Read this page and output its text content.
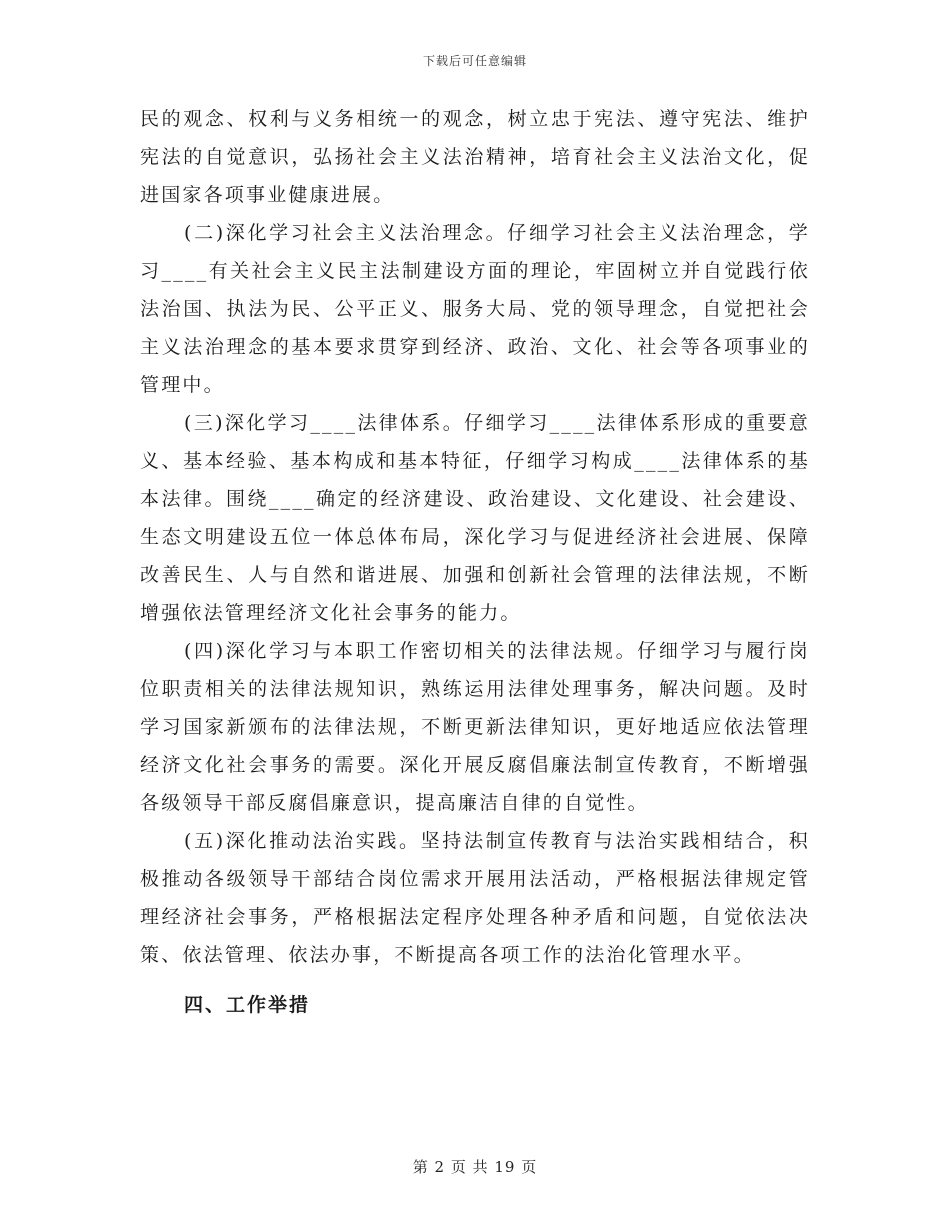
下载后可任意编辑

民的观念、权利与义务相统一的观念，树立忠于宪法、遵守宪法、维护宪法的自觉意识，弘扬社会主义法治精神，培育社会主义法治文化，促进国家各项事业健康进展。

(二)深化学习社会主义法治理念。仔细学习社会主义法治理念，学习____有关社会主义民主法制建设方面的理论，牢固树立并自觉践行依法治国、执法为民、公平正义、服务大局、党的领导理念，自觉把社会主义法治理念的基本要求贯穿到经济、政治、文化、社会等各项事业的管理中。

(三)深化学习____法律体系。仔细学习____法律体系形成的重要意义、基本经验、基本构成和基本特征，仔细学习构成____法律体系的基本法律。围绕____确定的经济建设、政治建设、文化建设、社会建设、生态文明建设五位一体总体布局，深化学习与促进经济社会进展、保障改善民生、人与自然和谐进展、加强和创新社会管理的法律法规，不断增强依法管理经济文化社会事务的能力。

(四)深化学习与本职工作密切相关的法律法规。仔细学习与履行岗位职责相关的法律法规知识，熟练运用法律处理事务，解决问题。及时学习国家新颁布的法律法规，不断更新法律知识，更好地适应依法管理经济文化社会事务的需要。深化开展反腐倡廉法制宣传教育，不断增强各级领导干部反腐倡廉意识，提高廉洁自律的自觉性。

(五)深化推动法治实践。坚持法制宣传教育与法治实践相结合，积极推动各级领导干部结合岗位需求开展用法活动，严格根据法律规定管理经济社会事务，严格根据法定程序处理各种矛盾和问题，自觉依法决策、依法管理、依法办事，不断提高各项工作的法治化管理水平。

四、工作举措
第 2 页 共 19 页
